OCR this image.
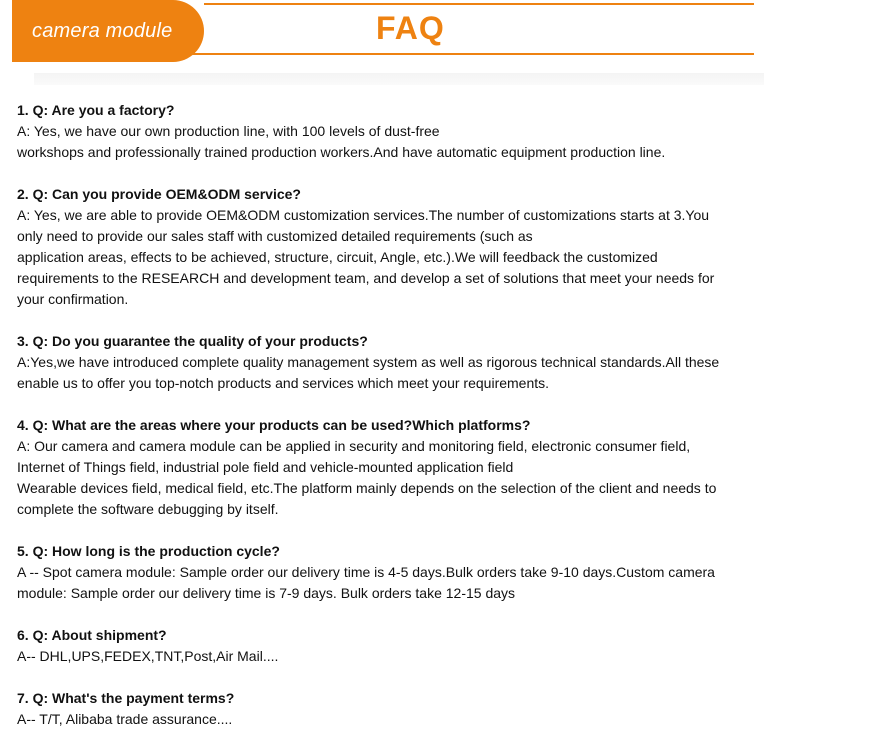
camera module	FAQ
1. Q: Are you a factory?
A: Yes, we have our own production line, with 100 levels of dust-free
workshops and professionally trained production workers.And have automatic equipment production line.
2. Q: Can you provide OEM&ODM service?
A: Yes, we are able to provide OEM&ODM customization services.The number of customizations starts at 3.You
only need to provide our sales staff with customized detailed requirements (such as
application areas, effects to be achieved, structure, circuit, Angle, etc.).We will feedback the customized
requirements to the RESEARCH and development team, and develop a set of solutions that meet your needs for
your confirmation.
3. Q: Do you guarantee the quality of your products?
A:Yes,we have introduced complete quality management system as well as rigorous technical standards.All these
enable us to offer you top-notch products and services which meet your requirements.
4. Q: What are the areas where your products can be used?Which platforms?
A: Our camera and camera module can be applied in security and monitoring field, electronic consumer field,
Internet of Things field, industrial pole field and vehicle-mounted application field
Wearable devices field, medical field, etc.The platform mainly depends on the selection of the client and needs to
complete the software debugging by itself.
5. Q: How long is the production cycle?
A -- Spot camera module: Sample order our delivery time is 4-5 days.Bulk orders take 9-10 days.Custom camera
module: Sample order our delivery time is 7-9 days. Bulk orders take 12-15 days
6. Q: About shipment?
A-- DHL,UPS,FEDEX,TNT,Post,Air Mail....
7. Q: What's the payment terms?
A-- T/T, Alibaba trade assurance....
